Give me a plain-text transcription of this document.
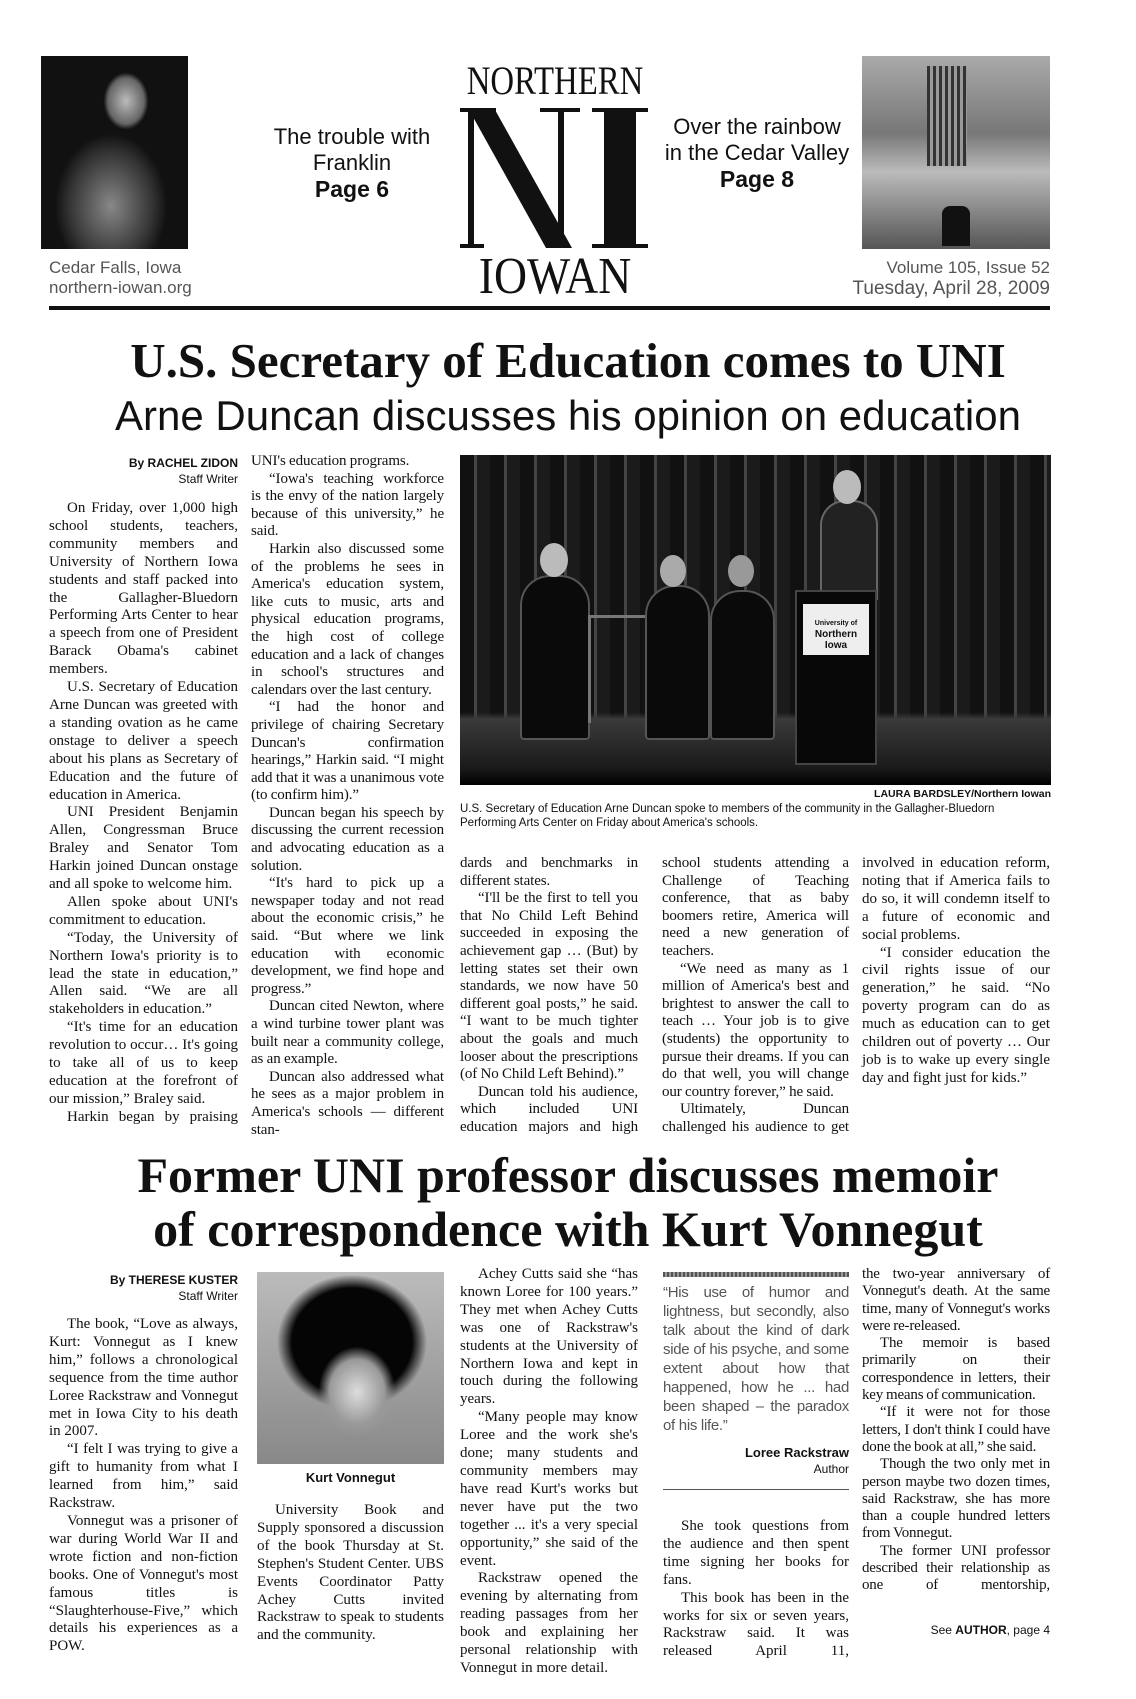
The trouble with Franklin
Page 6
NORTHERN
IOWAN
Over the rainbow in the Cedar Valley
Page 8
Cedar Falls, Iowa
northern-iowan.org
Volume 105, Issue 52
Tuesday, April 28, 2009
U.S. Secretary of Education comes to UNI
Arne Duncan discusses his opinion on education
By RACHEL ZIDON
Staff Writer

On Friday, over 1,000 high school students, teachers, community members and University of Northern Iowa students and staff packed into the Gallagher-Bluedorn Performing Arts Center to hear a speech from one of President Barack Obama's cabinet members.

U.S. Secretary of Education Arne Duncan was greeted with a standing ovation as he came onstage to deliver a speech about his plans as Secretary of Education and the future of education in America.

UNI President Benjamin Allen, Congressman Bruce Braley and Senator Tom Harkin joined Duncan onstage and all spoke to welcome him.

Allen spoke about UNI's commitment to education.

“Today, the University of Northern Iowa's priority is to lead the state in education,” Allen said. “We are all stakeholders in education.”

“It's time for an education revolution to occur… It's going to take all of us to keep education at the forefront of our mission,” Braley said.

Harkin began by praising

UNI's education programs.

“Iowa's teaching workforce is the envy of the nation largely because of this university,” he said.

Harkin also discussed some of the problems he sees in America's education system, like cuts to music, arts and physical education programs, the high cost of college education and a lack of changes in school's structures and calendars over the last century.

“I had the honor and privilege of chairing Secretary Duncan's confirmation hearings,” Harkin said. “I might add that it was a unanimous vote (to confirm him).”

Duncan began his speech by discussing the current recession and advocating education as a solution.

“It's hard to pick up a newspaper today and not read about the economic crisis,” he said. “But where we link education with economic development, we find hope and progress.”

Duncan cited Newton, where a wind turbine tower plant was built near a community college, as an example.

Duncan also addressed what he sees as a major problem in America's schools — different stan-

University of
Northern
Iowa
LAURA BARDSLEY/Northern Iowan
U.S. Secretary of Education Arne Duncan spoke to members of the community in the Gallagher-Bluedorn Performing Arts Center on Friday about America's schools.

dards and benchmarks in different states.

“I'll be the first to tell you that No Child Left Behind succeeded in exposing the achievement gap … (But) by letting states set their own standards, we now have 50 different goal posts,” he said. “I want to be much tighter about the goals and much looser about the prescriptions (of No Child Left Behind).”

Duncan told his audience, which included UNI education majors and high

school students attending a Challenge of Teaching conference, that as baby boomers retire, America will need a new generation of teachers.

“We need as many as 1 million of America's best and brightest to answer the call to teach … Your job is to give (students) the opportunity to pursue their dreams. If you can do that well, you will change our country forever,” he said.

Ultimately, Duncan challenged his audience to get

involved in education reform, noting that if America fails to do so, it will condemn itself to a future of economic and social problems.

“I consider education the civil rights issue of our generation,” he said. “No poverty program can do as much as education can to get children out of poverty … Our job is to wake up every single day and fight just for kids.”

Former UNI professor discusses memoir
of correspondence with Kurt Vonnegut
By THERESE KUSTER
Staff Writer

The book, “Love as always, Kurt: Vonnegut as I knew him,” follows a chronological sequence from the time author Loree Rackstraw and Vonnegut met in Iowa City to his death in 2007.

“I felt I was trying to give a gift to humanity from what I learned from him,” said Rackstraw.

Vonnegut was a prisoner of war during World War II and wrote fiction and non-fiction books. One of Vonnegut's most famous titles is “Slaughterhouse-Five,” which details his experiences as a POW.

Kurt Vonnegut

University Book and Supply sponsored a discussion of the book Thursday at St. Stephen's Student Center. UBS Events Coordinator Patty Achey Cutts invited Rackstraw to speak to students and the community.

Achey Cutts said she “has known Loree for 100 years.” They met when Achey Cutts was one of Rackstraw's students at the University of Northern Iowa and kept in touch during the following years.

“Many people may know Loree and the work she's done; many students and community members may have read Kurt's works but never have put the two together ... it's a very special opportunity,” she said of the event.

Rackstraw opened the evening by alternating from reading passages from her book and explaining her personal relationship with Vonnegut in more detail.

“His use of humor and lightness, but secondly, also talk about the kind of dark side of his psyche, and some extent about how that happened, how he ... had been shaped – the paradox of his life.”
Loree Rackstraw
Author

She took questions from the audience and then spent time signing her books for fans.

This book has been in the works for six or seven years, Rackstraw said. It was released April 11,

the two-year anniversary of Vonnegut's death. At the same time, many of Vonnegut's works were re-released.

The memoir is based primarily on their correspondence in letters, their key means of communication.

“If it were not for those letters, I don't think I could have done the book at all,” she said.

Though the two only met in person maybe two dozen times, said Rackstraw, she has more than a couple hundred letters from Vonnegut.

The former UNI professor described their relationship as one of mentorship,

See AUTHOR, page 4
